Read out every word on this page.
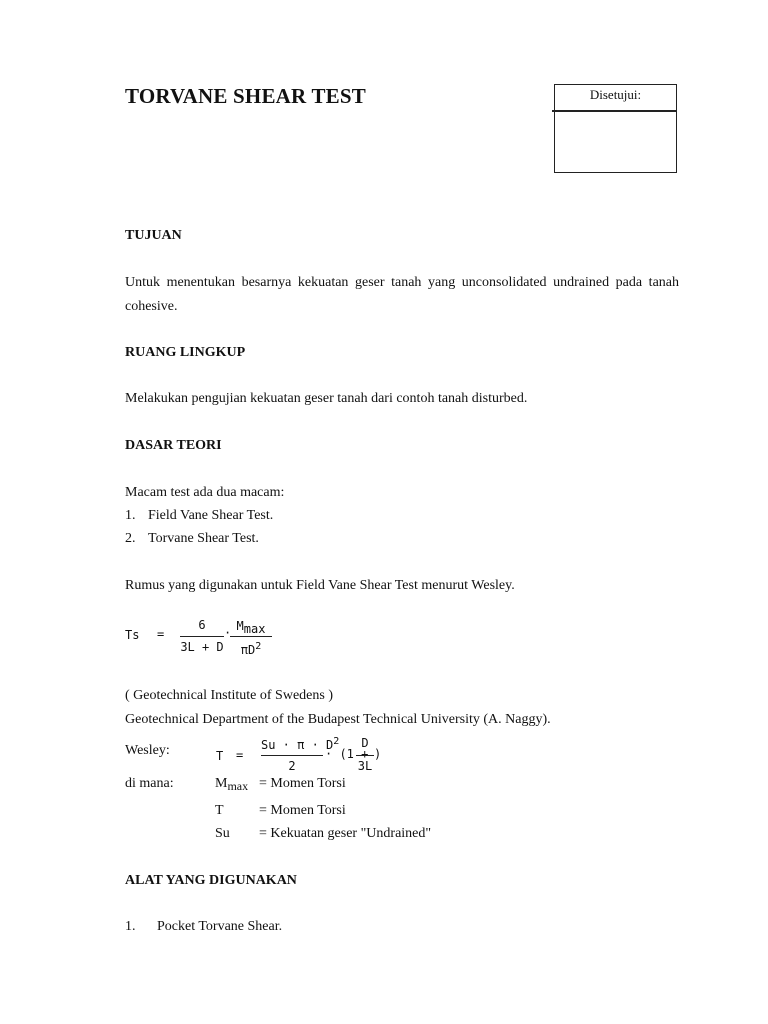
TORVANE SHEAR TEST	Disetujui:
TUJUAN
Untuk menentukan besarnya kekuatan geser tanah yang unconsolidated undrained pada tanah cohesive.
RUANG LINGKUP
Melakukan pengujian kekuatan geser tanah dari contoh tanah disturbed.
DASAR TEORI
Macam test ada dua macam:
1. Field Vane Shear Test.
2. Torvane Shear Test.
Rumus yang digunakan untuk Field Vane Shear Test menurut Wesley.
Ts =
6
3L + D
· Mmax
$\pi D^2$
( Geotechnical Institute of Swedens )
Geotechnical Department of the Budapest Technical University (A. Naggy).
Wesley:	T =
$Su \cdot \pi \cdot D^2$
2
· (1 +
D
3L
)
di mana:	Mmax = Momen Torsi
T	= Momen Torsi
Su = Kekuatan geser "Undrained"
ALAT YANG DIGUNAKAN
1. Pocket Torvane Shear.
